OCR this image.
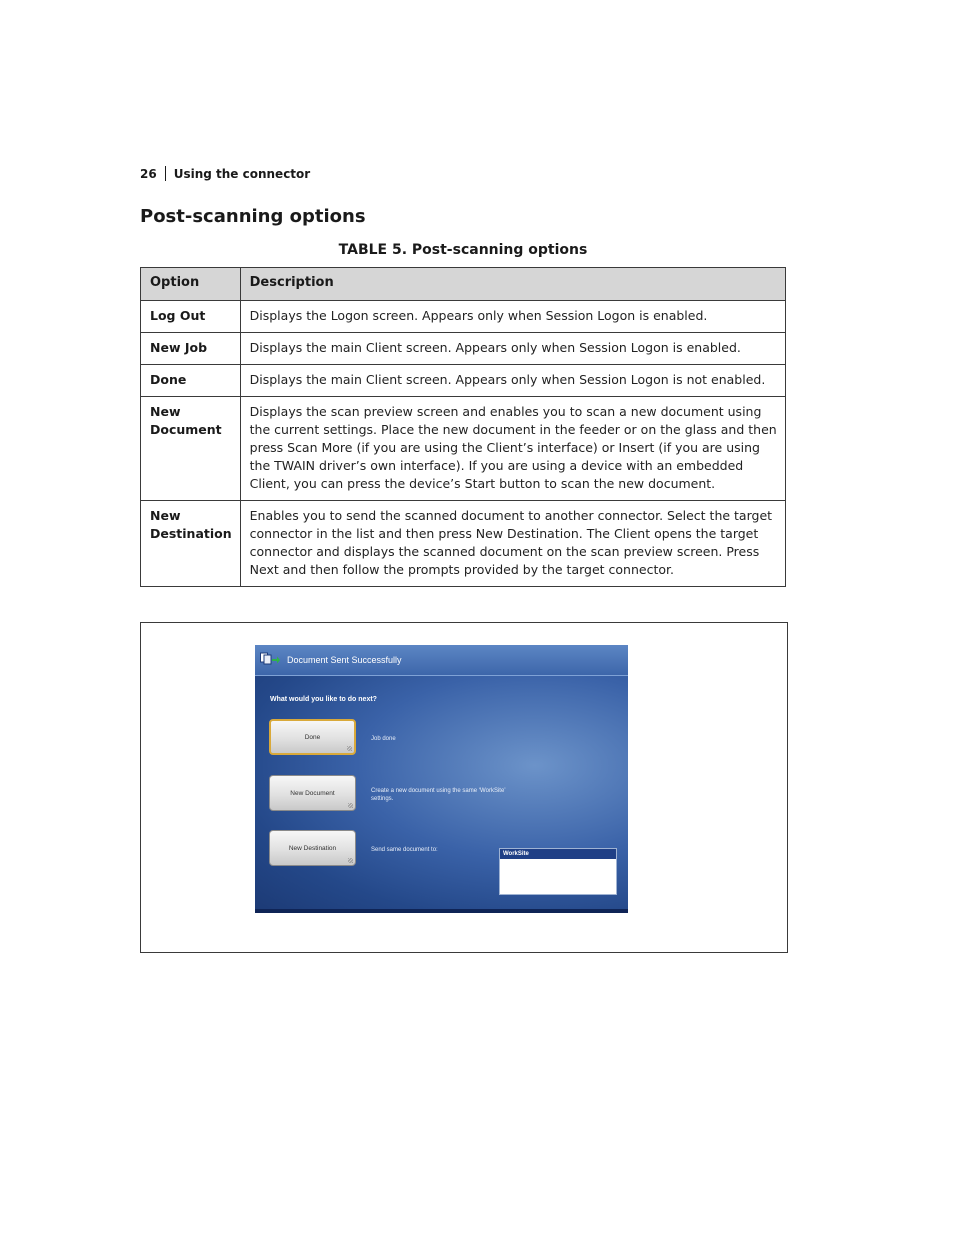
26 Using the connector
Post-scanning options
TABLE 5. Post-scanning options
Option	Description
Log Out	Displays the Logon screen. Appears only when Session Logon is enabled.
New Job	Displays the main Client screen. Appears only when Session Logon is enabled.
Done	Displays the main Client screen. Appears only when Session Logon is not enabled.
New Document	Displays the scan preview screen and enables you to scan a new document using the current settings. Place the new document in the feeder or on the glass and then press Scan More (if you are using the Client’s interface) or Insert (if you are using the TWAIN driver’s own interface). If you are using a device with an embedded Client, you can press the device’s Start button to scan the new document.
New Destination	Enables you to send the scanned document to another connector. Select the target connector in the list and then press New Destination. The Client opens the target connector and displays the scanned document on the scan preview screen. Press Next and then follow the prompts provided by the target connector.
Document Sent Successfully
What would you like to do next?
Done	Job done
New Document	Create a new document using the same ‘WorkSite’ settings.
New Destination	Send same document to:
WorkSite
